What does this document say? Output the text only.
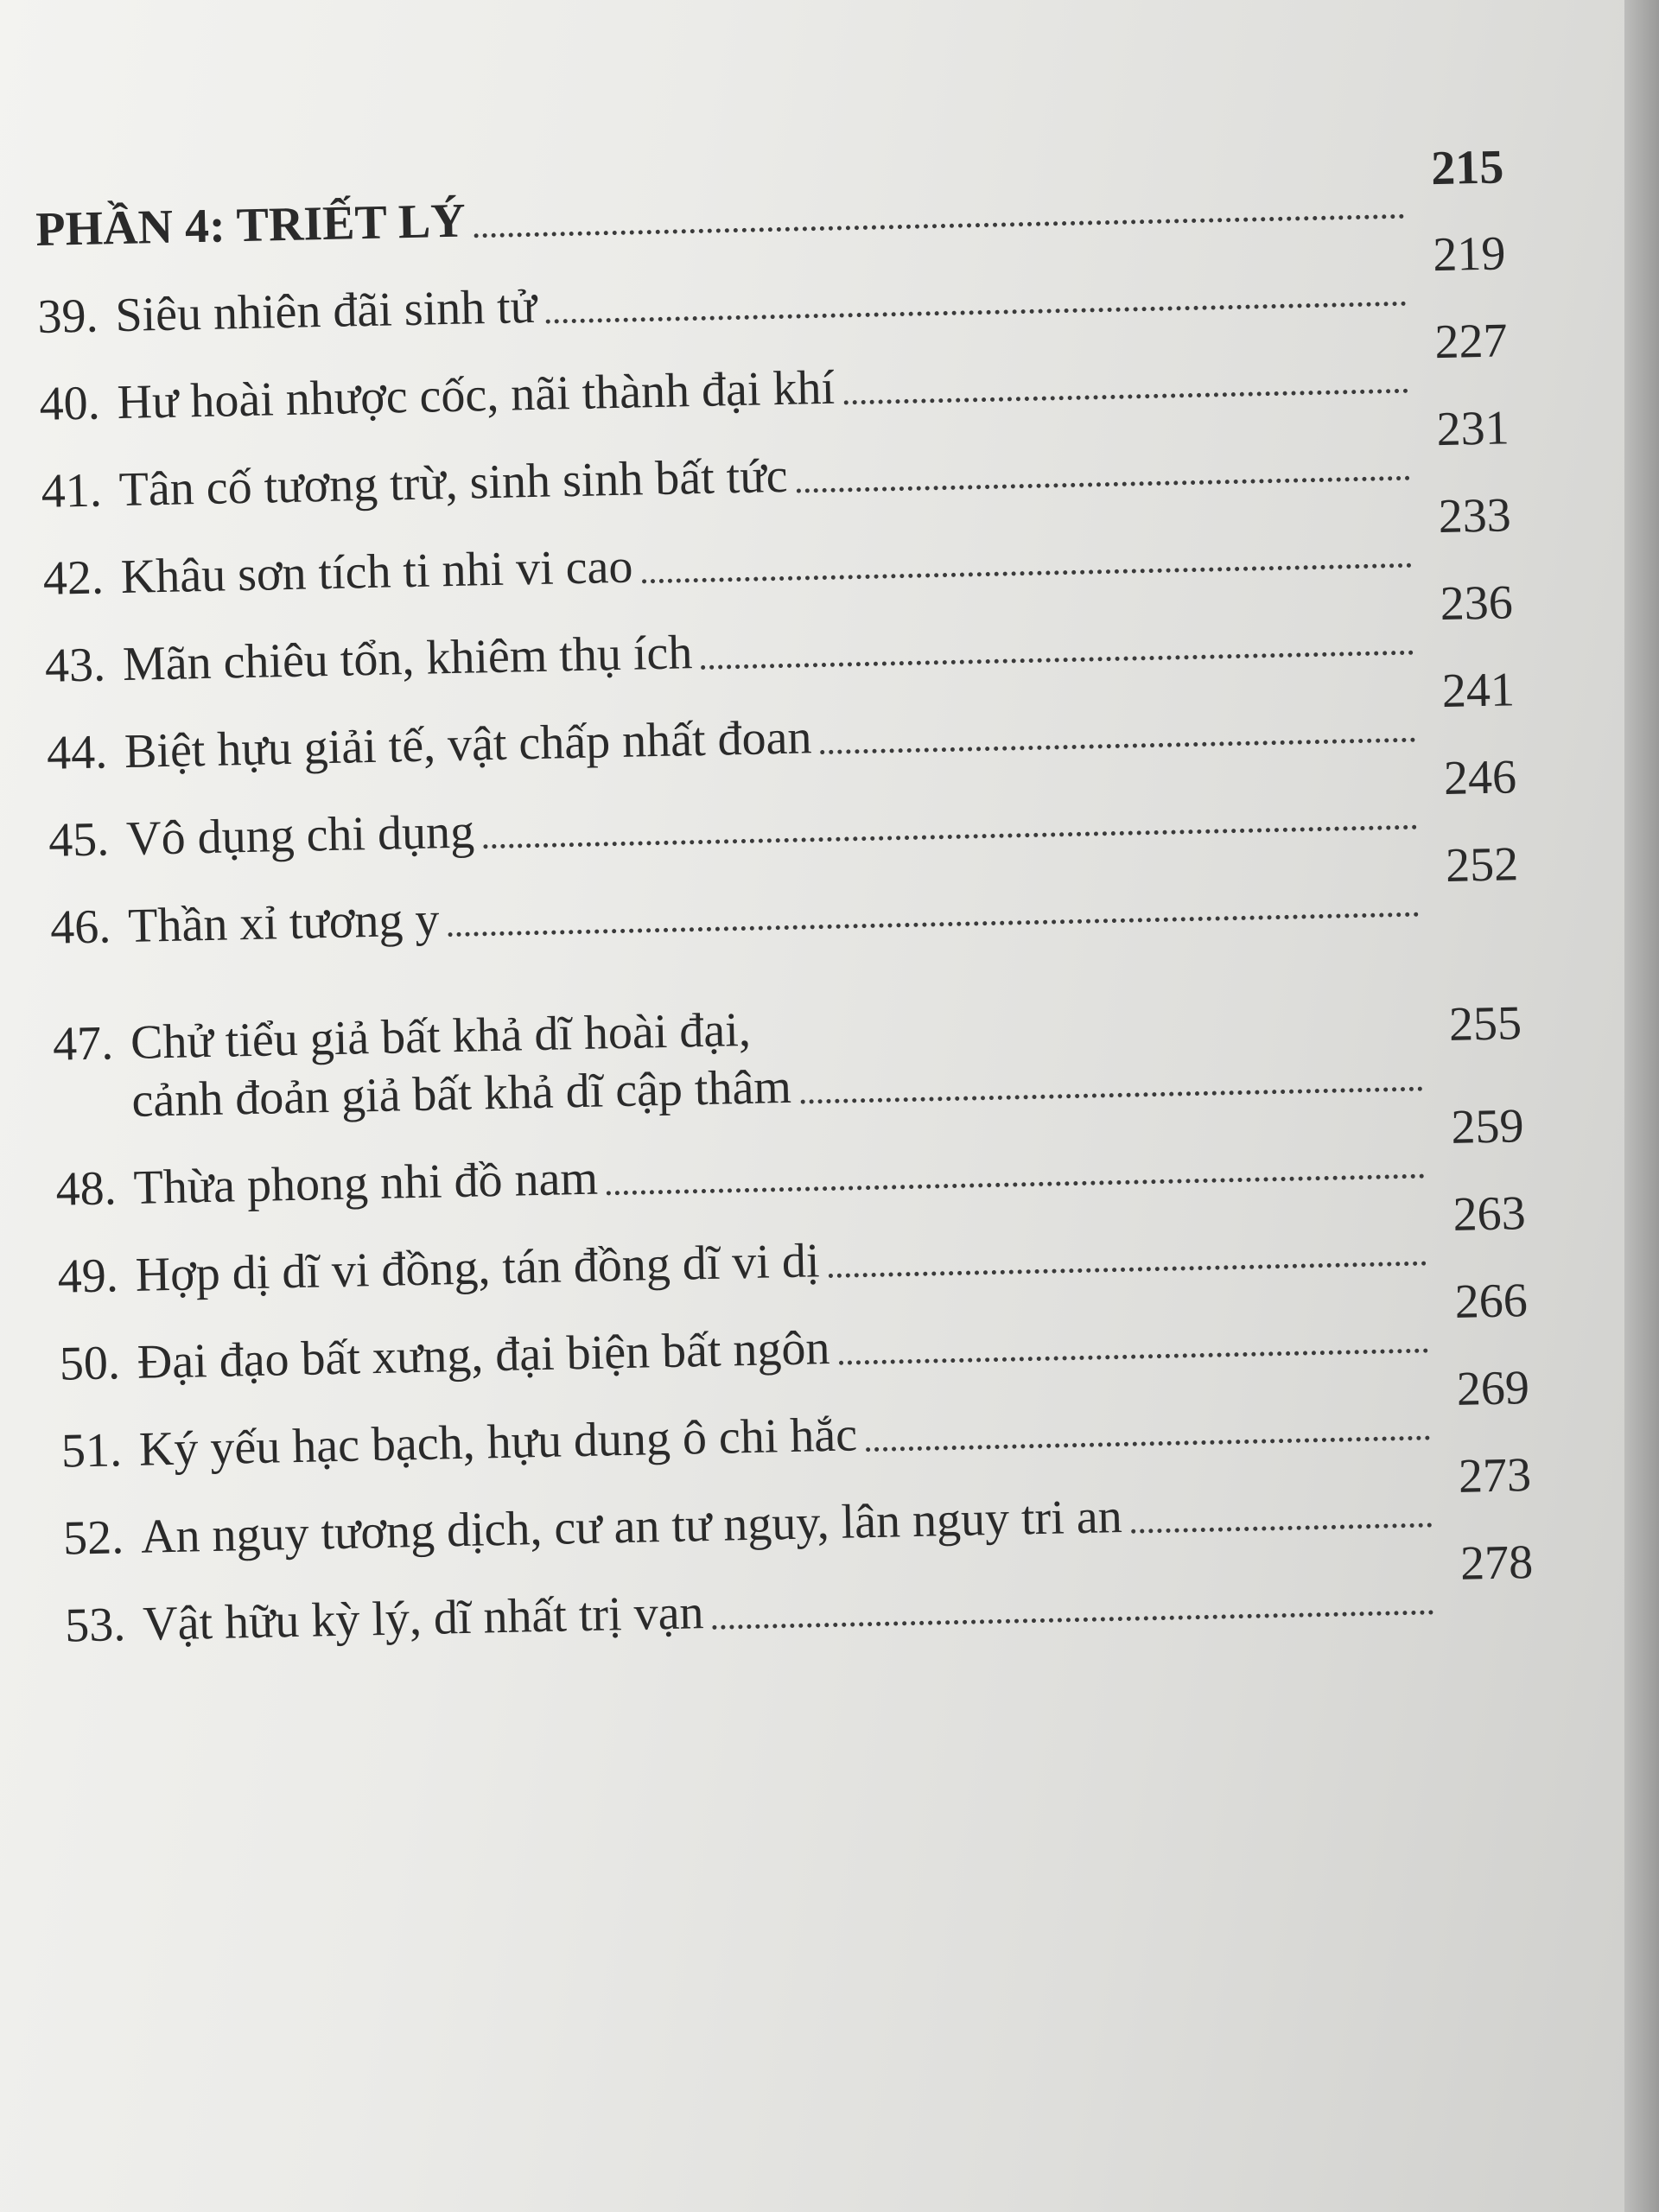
PHẦN 4: TRIẾT LÝ
215
39. Siêu nhiên đãi sinh tử
219
40. Hư hoài nhược cốc, nãi thành đại khí
227
41. Tân cố tương trừ, sinh sinh bất tức
231
42. Khâu sơn tích ti nhi vi cao
233
43. Mãn chiêu tổn, khiêm thụ ích
236
44. Biệt hựu giải tế, vật chấp nhất đoan
241
45. Vô dụng chi dụng
246
46. Thần xỉ tương y
252
47. Chử tiểu giả bất khả dĩ hoài đại,
cảnh đoản giả bất khả dĩ cập thâm
255
48. Thừa phong nhi đồ nam
259
49. Hợp dị dĩ vi đồng, tán đồng dĩ vi dị
263
50. Đại đạo bất xưng, đại biện bất ngôn
266
51. Ký yếu hạc bạch, hựu dung ô chi hắc
269
52. An nguy tương dịch, cư an tư nguy, lân nguy tri an
273
53. Vật hữu kỳ lý, dĩ nhất trị vạn
278
